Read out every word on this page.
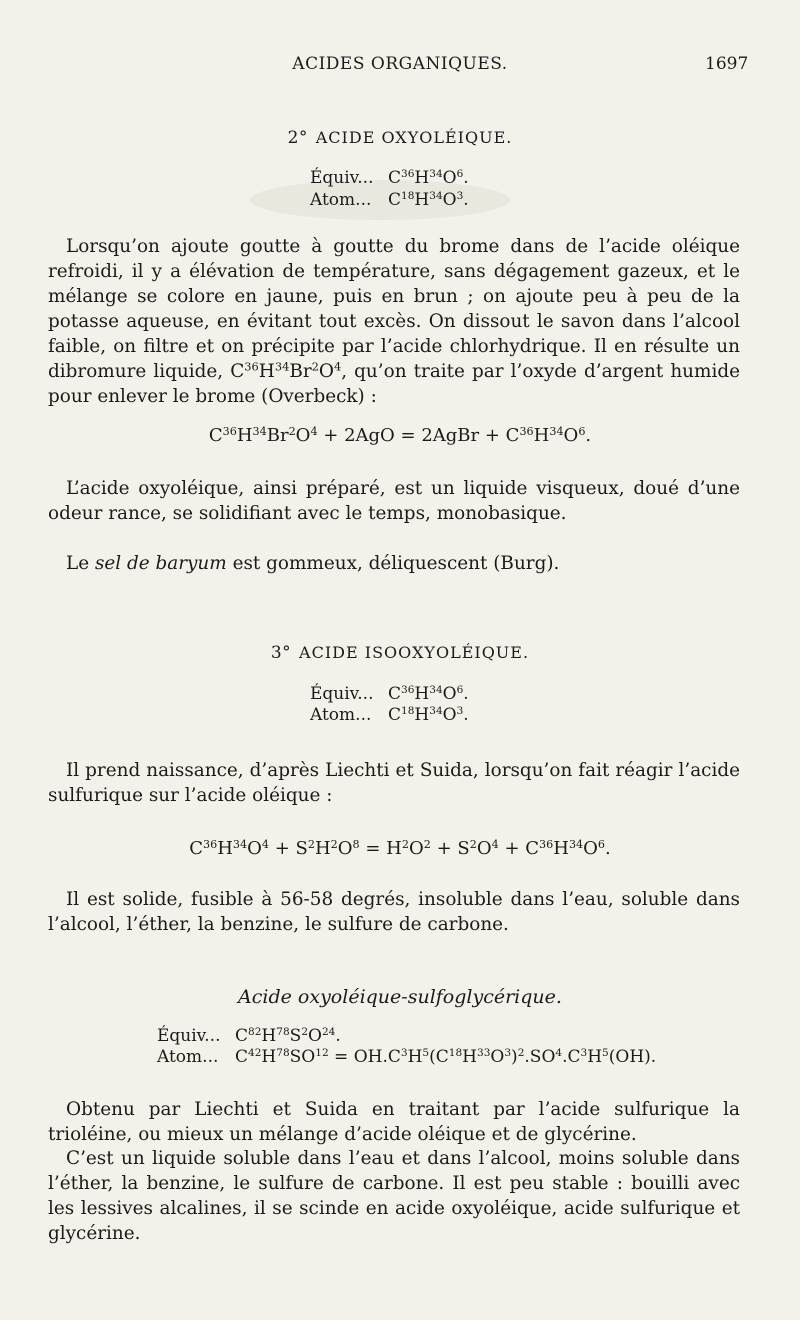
ACIDES ORGANIQUES.	1697
2° ACIDE OXYOLÉIQUE.
Équiv... $C^{36}H^{34}O^6$.
Atom... $C^{18}H^{34}O^3$.
Lorsqu’on ajoute goutte à goutte du brome dans de l’acide oléique refroidi, il y a élévation de température, sans dégagement gazeux, et le mélange se colore en jaune, puis en brun ; on ajoute peu à peu de la potasse aqueuse, en évitant tout excès. On dissout le savon dans l’alcool faible, on filtre et on précipite par l’acide chlorhydrique. Il en résulte un dibromure liquide, $C^{36}H^{34}Br^2O^4$, qu’on traite par l’oxyde d’argent humide pour enlever le brome (Overbeck) :
$C^{36}H^{34}Br^2O^4 + 2AgO$ = 2AgBr + $C^{36}H^{34}O^6$.
L’acide oxyoléique, ainsi préparé, est un liquide visqueux, doué d’une odeur rance, se solidifiant avec le temps, monobasique.
Le sel de baryum est gommeux, déliquescent (Burg).
3° ACIDE ISOOXYOLÉIQUE.
Équiv... $C^{36}H^{34}O^6$.
Atom... $C^{18}H^{34}O^3$.
Il prend naissance, d’après Liechti et Suida, lorsqu’on fait réagir l’acide sulfurique sur l’acide oléique :
$C^{36}H^{34}O^4 + S^2H^2O^8 = H^2O^2 + S^2O^4 + C^{36}H^{34}O^6$.
Il est solide, fusible à 56-58 degrés, insoluble dans l’eau, soluble dans l’alcool, l’éther, la benzine, le sulfure de carbone.
Acide oxyoléique-sulfoglycérique.
Équiv... $C^{82}H^{78}S^2O^{24}$.
Atom... $C^{42}H^{78}SO^{12} = OH.C^3H^5(C^{18}H^{33}O^3)^2.SO^4.C^3H^5(OH)$.
Obtenu par Liechti et Suida en traitant par l’acide sulfurique la trioléine, ou mieux un mélange d’acide oléique et de glycérine.
C’est un liquide soluble dans l’eau et dans l’alcool, moins soluble dans l’éther, la benzine, le sulfure de carbone. Il est peu stable : bouilli avec les lessives alcalines, il se scinde en acide oxyoléique, acide sulfurique et glycérine.
